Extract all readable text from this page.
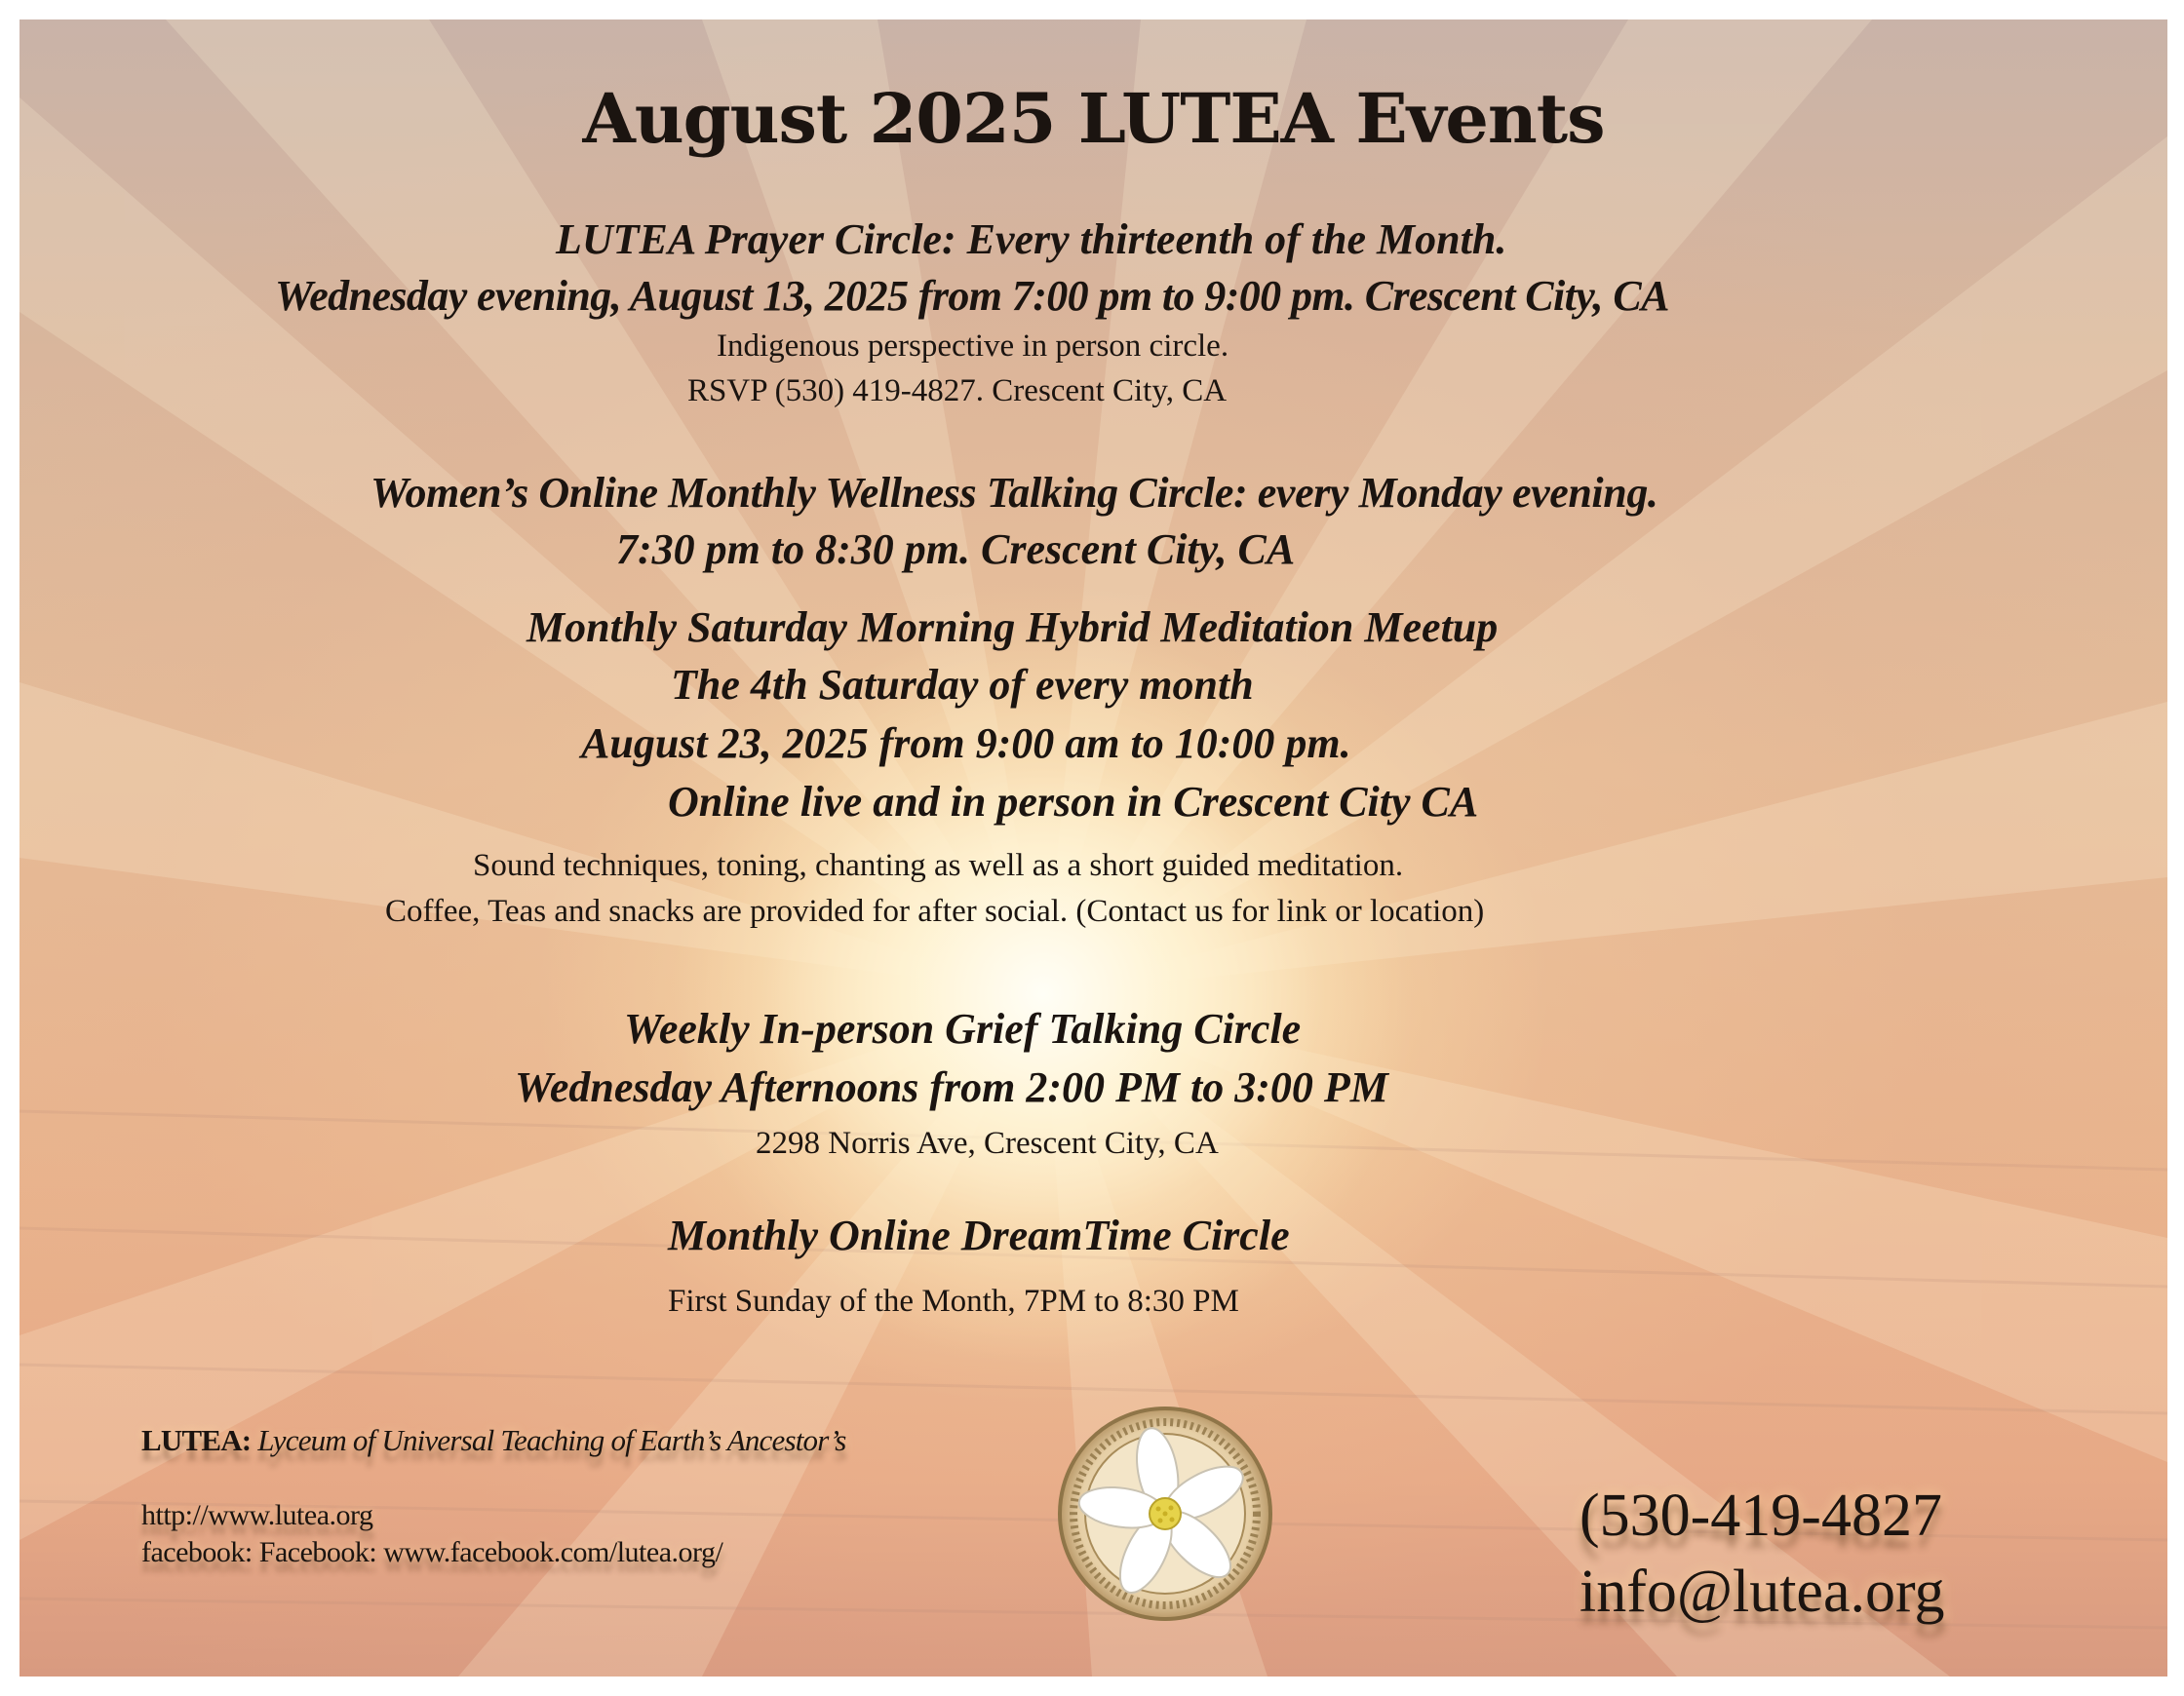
August 2025 LUTEA Events
LUTEA Prayer Circle: Every thirteenth of the Month.
Wednesday evening, August 13, 2025 from 7:00 pm to 9:00 pm. Crescent City, CA
Indigenous perspective in person circle.
RSVP (530) 419-4827. Crescent City, CA
Women’s Online Monthly Wellness Talking Circle: every Monday evening.
7:30 pm to 8:30 pm. Crescent City, CA
Monthly Saturday Morning Hybrid Meditation Meetup
The 4th Saturday of every month
August 23, 2025 from 9:00 am to 10:00 pm.
Online live and in person in Crescent City CA
Sound techniques, toning, chanting as well as a short guided meditation.
Coffee, Teas and snacks are provided for after social. (Contact us for link or location)
Weekly In-person Grief Talking Circle
Wednesday Afternoons from 2:00 PM to 3:00 PM
2298 Norris Ave, Crescent City, CA
Monthly Online DreamTime Circle
First Sunday of the Month, 7PM to 8:30 PM
LUTEA: Lyceum of Universal Teaching of Earth’s Ancestor’s
http://www.lutea.org
facebook: Facebook: www.facebook.com/lutea.org/
(530-419-4827
info@lutea.org
